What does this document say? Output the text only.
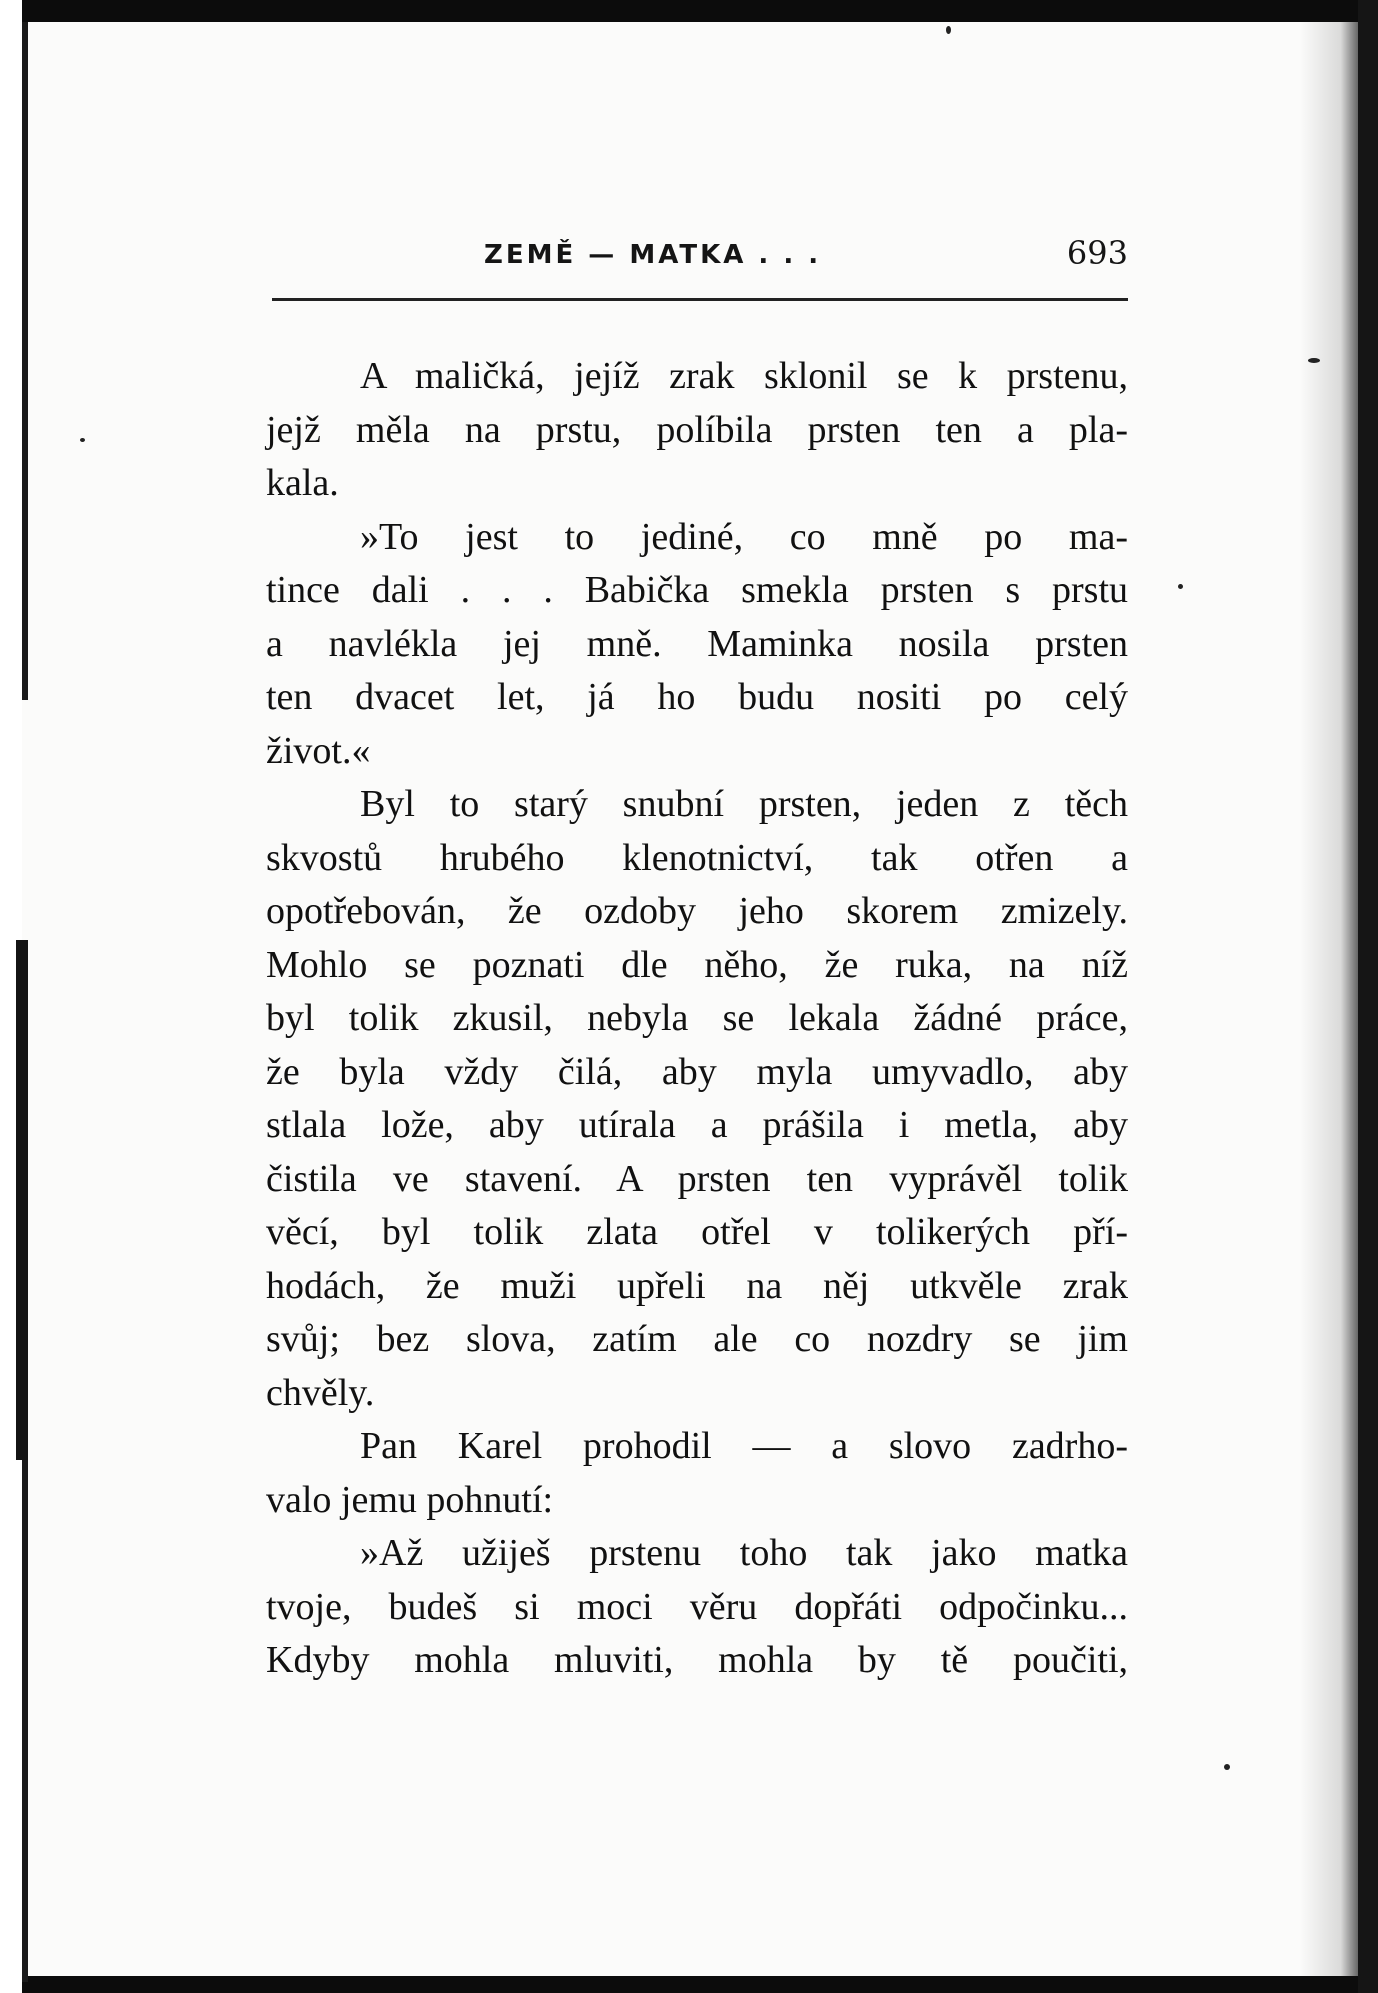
ZEMĚ — MATKA . . .	693
A maličká, jejíž zrak sklonil se k prstenu,
jejž měla na prstu, políbila prsten ten a pla-
kala.
»To jest to jediné, co mně po ma-
tince dali . . . Babička smekla prsten s prstu
a navlékla jej mně. Maminka nosila prsten
ten dvacet let, já ho budu nositi po celý
život.«
Byl to starý snubní prsten, jeden z těch
skvostů hrubého klenotnictví, tak otřen a
opotřebován, že ozdoby jeho skorem zmizely.
Mohlo se poznati dle něho, že ruka, na níž
byl tolik zkusil, nebyla se lekala žádné práce,
že byla vždy čilá, aby myla umyvadlo, aby
stlala lože, aby utírala a prášila i metla, aby
čistila ve stavení. A prsten ten vyprávěl tolik
věcí, byl tolik zlata otřel v tolikerých pří-
hodách, že muži upřeli na něj utkvěle zrak
svůj; bez slova, zatím ale co nozdry se jim
chvěly.
Pan Karel prohodil — a slovo zadrho-
valo jemu pohnutí:
»Až užiješ prstenu toho tak jako matka
tvoje, budeš si moci věru dopřáti odpočinku...
Kdyby mohla mluviti, mohla by tě poučiti,
